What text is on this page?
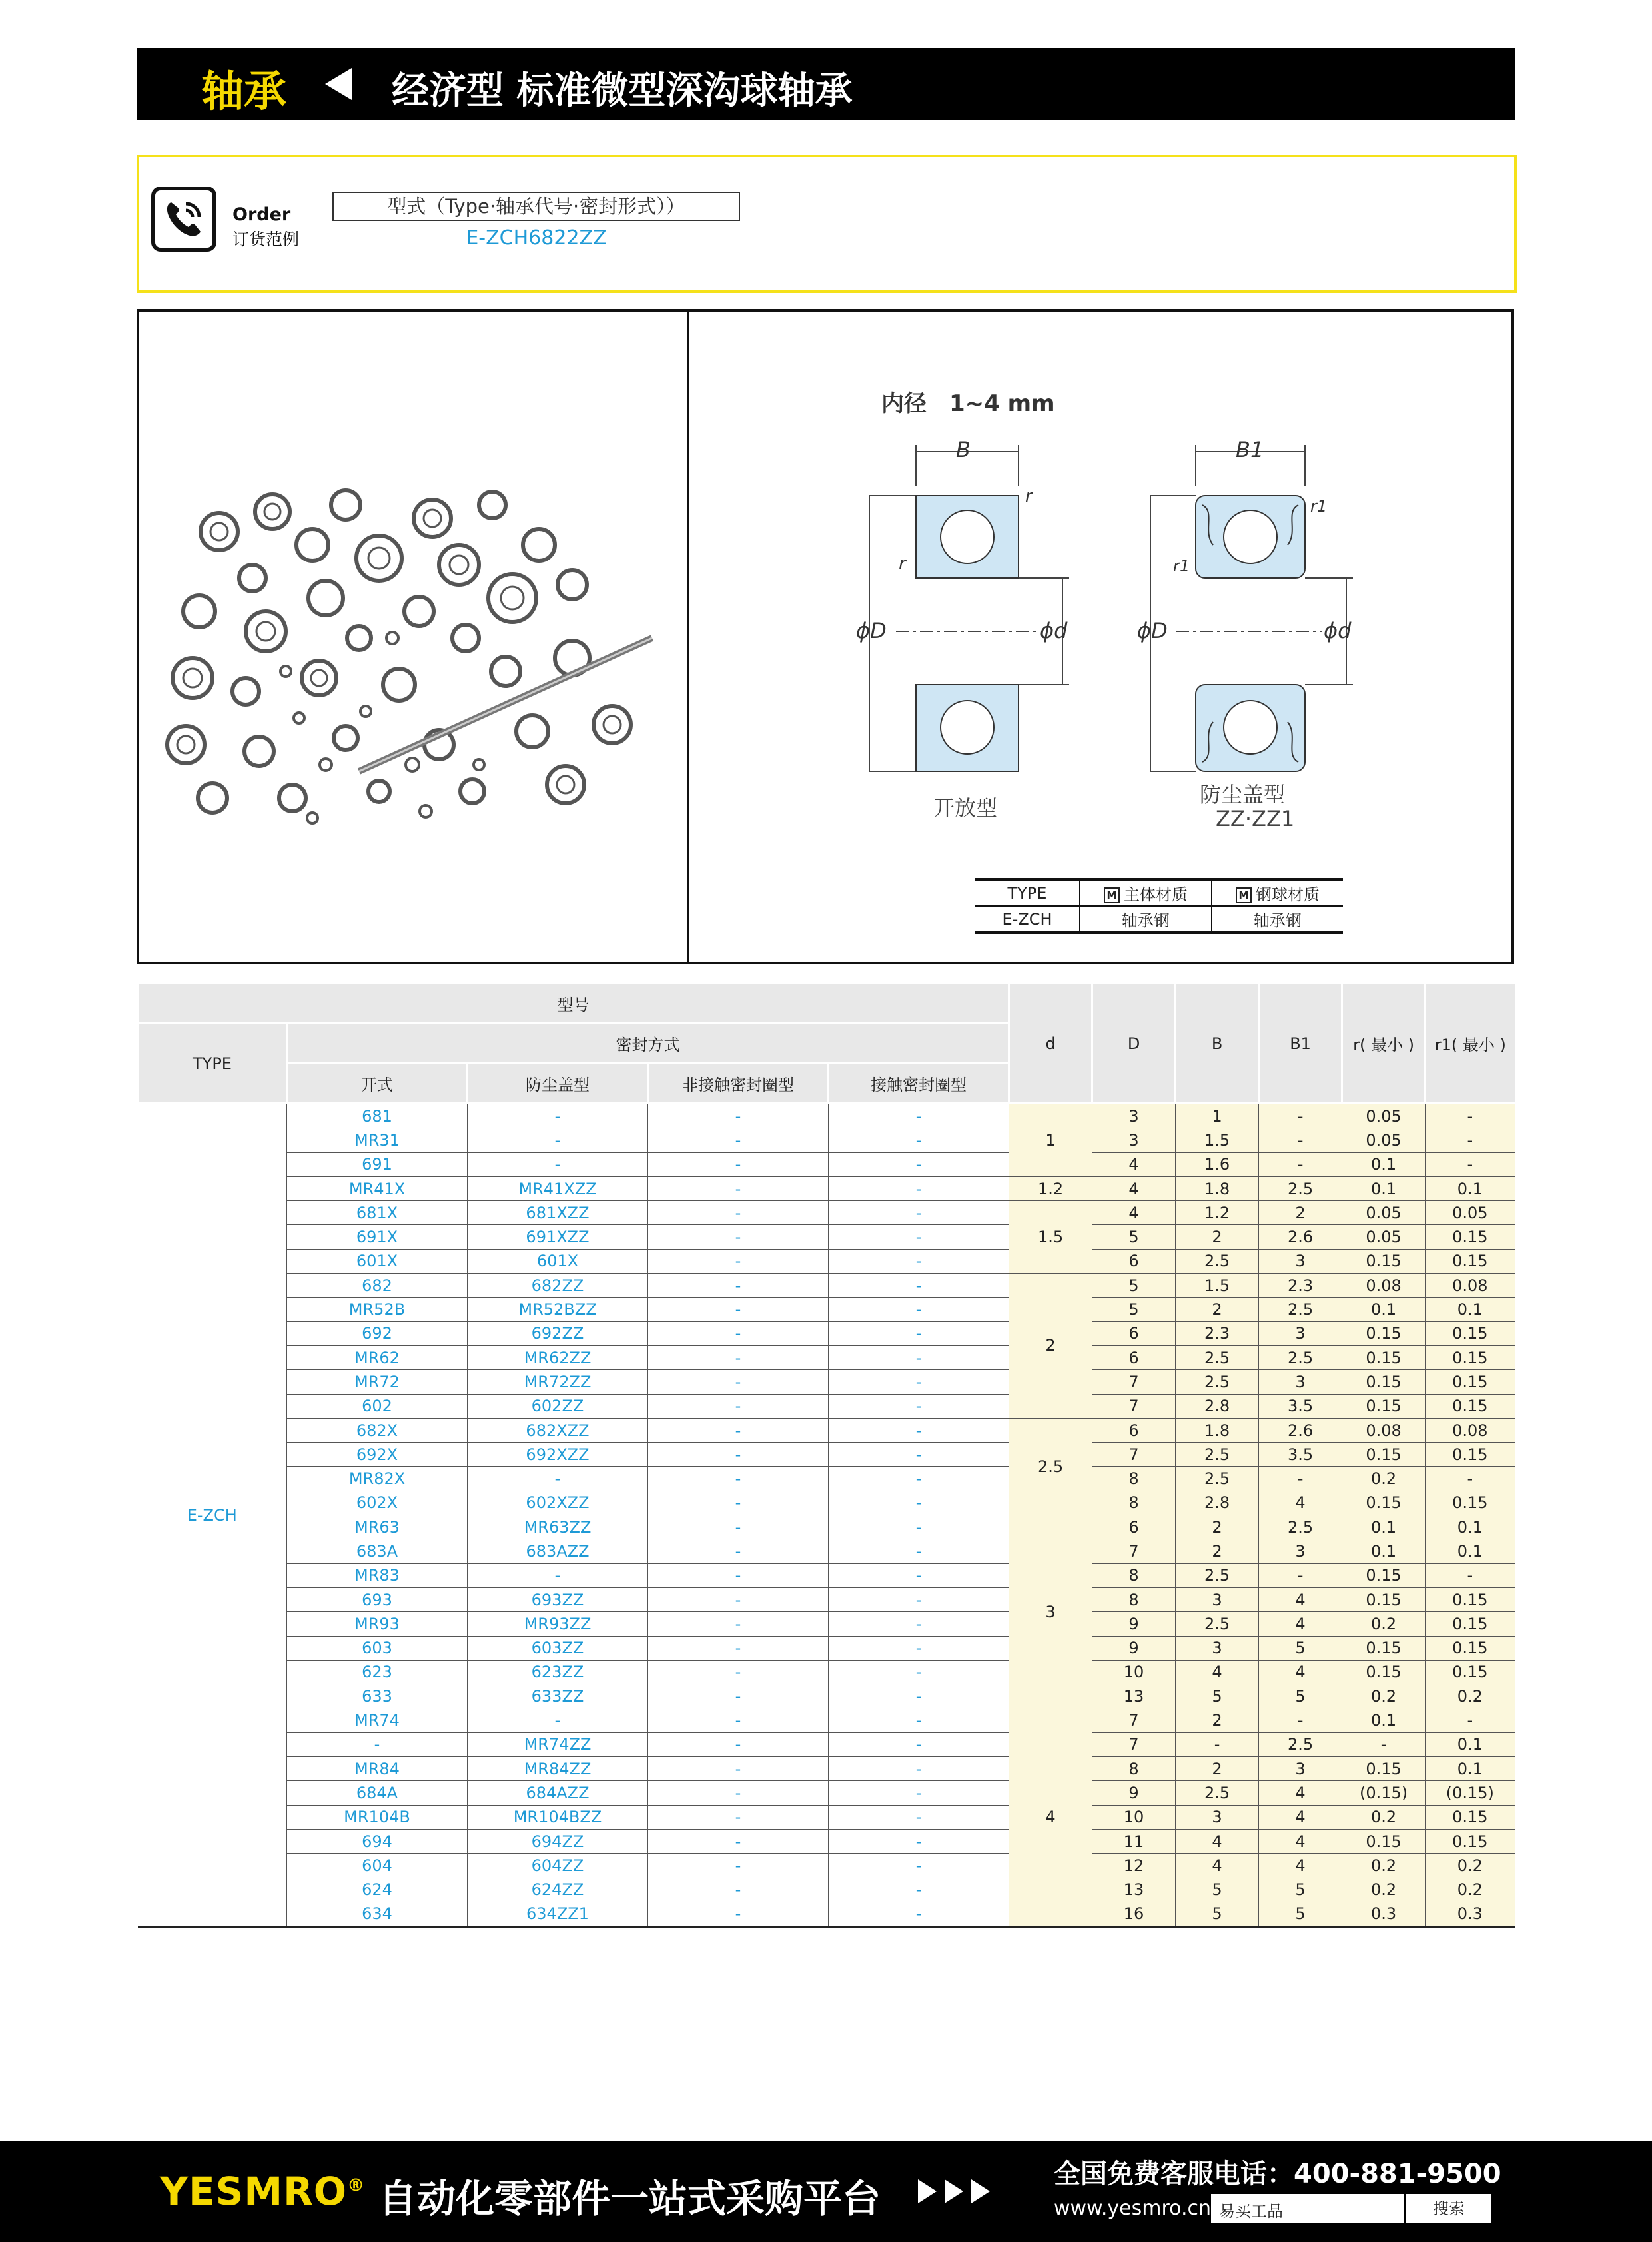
轴承	经济型 标准微型深沟球轴承
Order
订货范例
型式（Type·轴承代号·密封形式））
E-ZCH6822ZZ
内径　1~4 mm
B
r
r
ϕD	ϕd
B1
r1
r1
ϕD	ϕd
开放型
防尘盖型
ZZ·ZZ1
TYPE	M 主体材质	M 钢球材质
E-ZCH	轴承钢	轴承钢
型号					d	D	B	B1	r( 最小 )	r1( 最小 )
TYPE	密封方式									
	开式	防尘盖型	非接触密封圈型	接触密封圈型						
E-ZCH	681	-	-	-	1	3	1	-	0.05	-
	MR31	-	-	-		3	1.5	-	0.05	-
	691	-	-	-		4	1.6	-	0.1	-
	MR41X	MR41XZZ	-	-	1.2	4	1.8	2.5	0.1	0.1
	681X	681XZZ	-	-	1.5	4	1.2	2	0.05	0.05
	691X	691XZZ	-	-		5	2	2.6	0.05	0.15
	601X	601X	-	-		6	2.5	3	0.15	0.15
	682	682ZZ	-	-	2	5	1.5	2.3	0.08	0.08
	MR52B	MR52BZZ	-	-		5	2	2.5	0.1	0.1
	692	692ZZ	-	-		6	2.3	3	0.15	0.15
	MR62	MR62ZZ	-	-		6	2.5	2.5	0.15	0.15
	MR72	MR72ZZ	-	-		7	2.5	3	0.15	0.15
	602	602ZZ	-	-		7	2.8	3.5	0.15	0.15
	682X	682XZZ	-	-	2.5	6	1.8	2.6	0.08	0.08
	692X	692XZZ	-	-		7	2.5	3.5	0.15	0.15
	MR82X	-	-	-		8	2.5	-	0.2	-
	602X	602XZZ	-	-		8	2.8	4	0.15	0.15
	MR63	MR63ZZ	-	-	3	6	2	2.5	0.1	0.1
	683A	683AZZ	-	-		7	2	3	0.1	0.1
	MR83	-	-	-		8	2.5	-	0.15	-
	693	693ZZ	-	-		8	3	4	0.15	0.15
	MR93	MR93ZZ	-	-		9	2.5	4	0.2	0.15
	603	603ZZ	-	-		9	3	5	0.15	0.15
	623	623ZZ	-	-		10	4	4	0.15	0.15
	633	633ZZ	-	-		13	5	5	0.2	0.2
	MR74	-	-	-	4	7	2	-	0.1	-
	-	MR74ZZ	-	-		7	-	2.5	-	0.1
	MR84	MR84ZZ	-	-		8	2	3	0.15	0.1
	684A	684AZZ	-	-		9	2.5	4	(0.15)	(0.15)
	MR104B	MR104BZZ	-	-		10	3	4	0.2	0.15
	694	694ZZ	-	-		11	4	4	0.15	0.15
	604	604ZZ	-	-		12	4	4	0.2	0.2
	624	624ZZ	-	-		13	5	5	0.2	0.2
	634	634ZZ1	-	-		16	5	5	0.3	0.3
YESMRO® 自动化零部件一站式采购平台
全国免费客服电话：400-881-9500
www.yesmro.cn 易买工品	搜索
